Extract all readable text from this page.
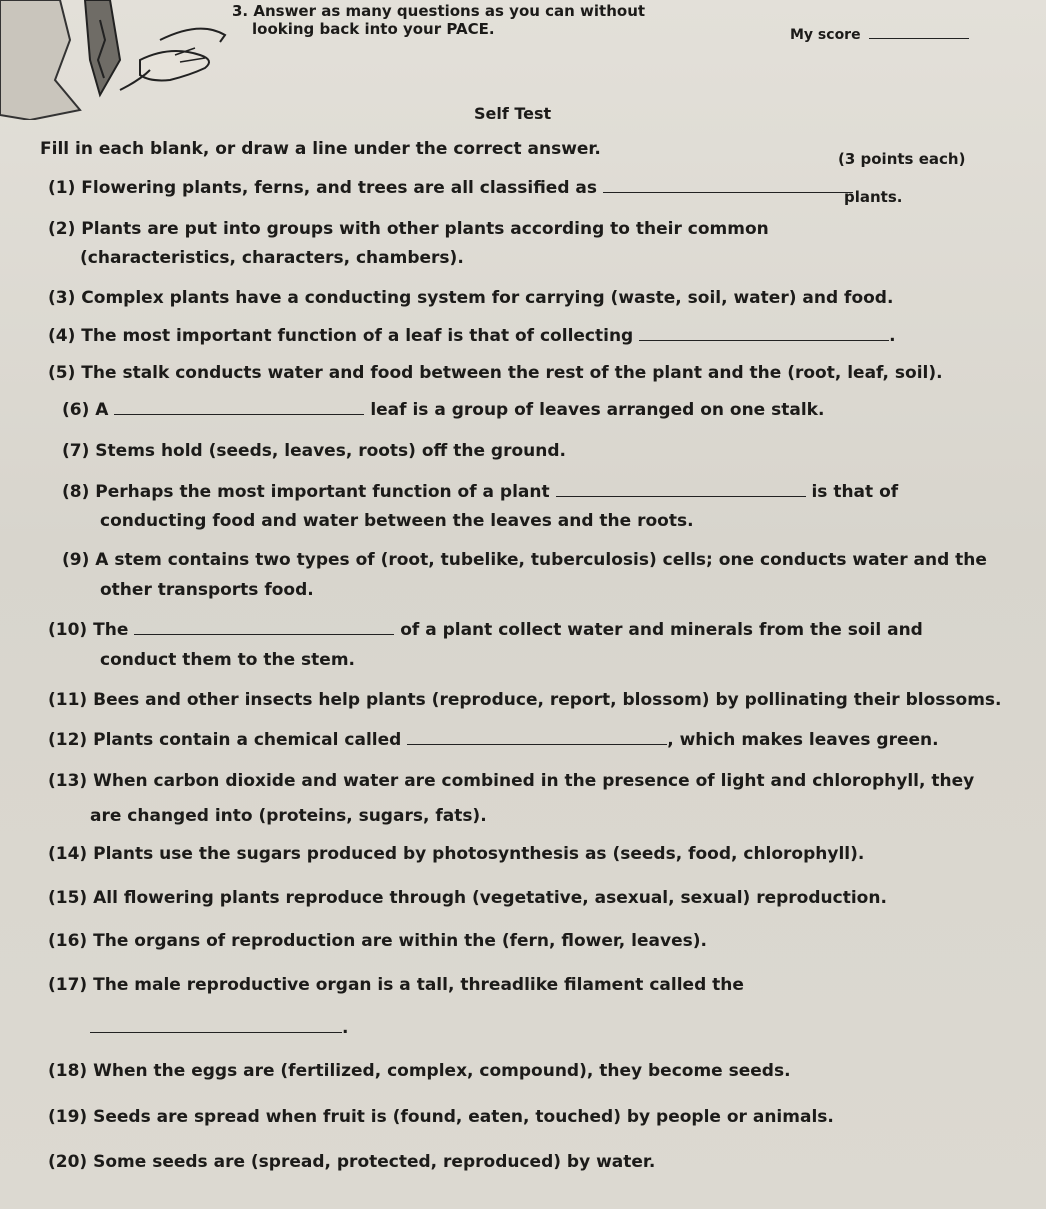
3. Answer as many questions as you can without
looking back into your PACE.	My score
Self Test
Fill in each blank, or draw a line under the correct answer.	(3 points each)
(1) Flowering plants, ferns, and trees are all classified as	plants.
(2) Plants are put into groups with other plants according to their common
(characteristics, characters, chambers).
(3) Complex plants have a conducting system for carrying (waste, soil, water) and food.
(4) The most important function of a leaf is that of collecting	.
(5) The stalk conducts water and food between the rest of the plant and the (root, leaf, soil).
(6) A	leaf is a group of leaves arranged on one stalk.
(7) Stems hold (seeds, leaves, roots) off the ground.
(8) Perhaps the most important function of a plant	is that of
conducting food and water between the leaves and the roots.
(9) A stem contains two types of (root, tubelike, tuberculosis) cells; one conducts water and the
other transports food.
(10) The	of a plant collect water and minerals from the soil and
conduct them to the stem.
(11) Bees and other insects help plants (reproduce, report, blossom) by pollinating their blossoms.
(12) Plants contain a chemical called	, which makes leaves green.
(13) When carbon dioxide and water are combined in the presence of light and chlorophyll, they
are changed into (proteins, sugars, fats).
(14) Plants use the sugars produced by photosynthesis as (seeds, food, chlorophyll).
(15) All flowering plants reproduce through (vegetative, asexual, sexual) reproduction.
(16) The organs of reproduction are within the (fern, flower, leaves).
(17) The male reproductive organ is a tall, threadlike filament called the
.
(18) When the eggs are (fertilized, complex, compound), they become seeds.
(19) Seeds are spread when fruit is (found, eaten, touched) by people or animals.
(20) Some seeds are (spread, protected, reproduced) by water.
